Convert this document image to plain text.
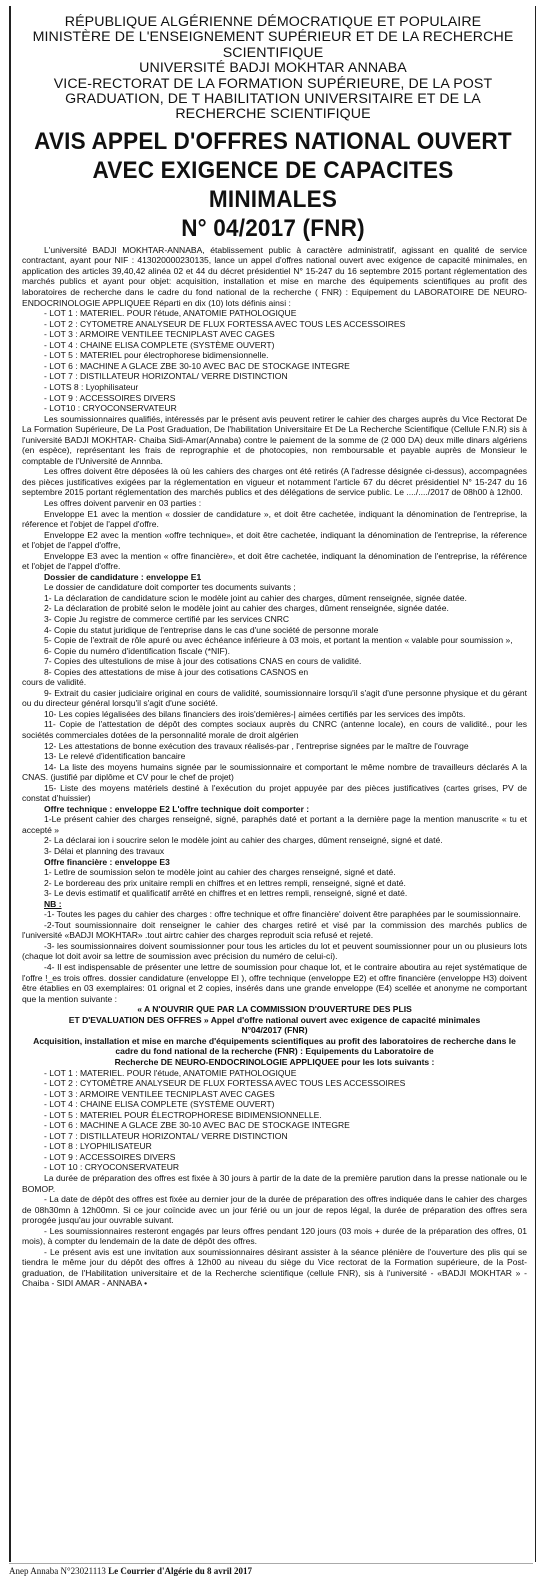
RÉPUBLIQUE ALGÉRIENNE DÉMOCRATIQUE ET POPULAIRE
MINISTÈRE DE L'ENSEIGNEMENT SUPÉRIEUR ET DE LA RECHERCHE
SCIENTIFIQUE
UNIVERSITÉ BADJI MOKHTAR ANNABA
VICE-RECTORAT DE LA FORMATION SUPÉRIEURE, DE LA POST
GRADUATION, DE T HABILITATION UNIVERSITAIRE ET DE LA
RECHERCHE SCIENTIFIQUE
AVIS APPEL D'OFFRES NATIONAL OUVERT
AVEC EXIGENCE DE CAPACITES MINIMALES
N° 04/2017 (FNR)

L'université BADJI MOKHTAR-ANNABA, établissement public à caractère administratif, agissant en qualité de service contractant, ayant pour NIF : 413020000230135, lance un appel d'offres national ouvert avec exigence de capacité minimales, en application des articles 39,40,42 alinéa 02 et 44 du décret présidentiel N° 15-247 du 16 septembre 2015 portant réglementation des marchés publics et ayant pour objet: acquisition, installation et mise en marche des équipements scientifiques au profit des laboratoires de recherche dans le cadre du fond national de la recherche ( FNR) : Equipement du LABORATOIRE DE NEURO-ENDOCRINOLOGIE APPLIQUEE Réparti en dix (10) lots définis ainsi :

- LOT 1 : MATERIEL. POUR l'étude, ANATOMIE PATHOLOGIQUE

- LOT 2 : CYTOMETRE ANALYSEUR DE FLUX FORTESSA AVEC TOUS LES ACCESSOIRES

- LOT 3 : ARMOIRE VENTILEE TECNIPLAST AVEC CAGES

- LOT 4 : CHAINE ELISA COMPLETE (SYSTÈME OUVERT)

- LOT 5 : MATERIEL pour électrophorese bidimensionnelle.

- LOT 6 : MACHINE A GLACE ZBE 30-10 AVEC BAC DE STOCKAGE INTEGRE

- LOT 7 : DISTILLATEUR HORIZONTAL/ VERRE DISTINCTION

- LOTS 8 : Lyophilisateur

- LOT 9 : ACCESSOIRES DIVERS

- LOT10 : CRYOCONSERVATEUR

Les soumissionnaires qualifiés, intéressés par le présent avis peuvent retirer le cahier des charges auprès du Vice Rectorat De La Formation Supérieure, De La Post Graduation, De l'habilitation Universitaire Et De La Recherche Scientifique (Cellule F.N.R) sis à l'université BADJI MOKHTAR- Chaiba Sidi-Amar(Annaba) contre le paiement de la somme de (2 000 DA) deux mille dinars algériens (en espèce), représentant les frais de reprographie et de photocopies, non remboursable et payable auprès de Monsieur le comptable de l'Université de Annnba.

Les offres doivent être déposées là où les cahiers des charges ont été retirés (A l'adresse désignée ci-dessus), accompagnées des pièces justificatives exigées par la réglementation en vigueur et notamment l'article 67 du décret présidentiel N° 15-247 du 16 septembre 2015 portant réglementation des marchés publics et des délégations de service public. Le ..../..../2017 de 08h00 à 12h00.

Les offres doivent parvenir en 03 parties :

Enveloppe E1 avec la mention « dossier de candidature », et doit être cachetée, indiquant la dénomination de l'entreprise, la réference et l'objet de l'appel d'offre.

Enveloppe E2 avec la mention «offre technique», et doit être cachetée, indiquant la dénomination de l'entreprise, la réference et l'objet de l'appel d'offre,

Enveloppe E3 avec la mention « offre financière», et doit être cachetée, indiquant la dénomination de l'entreprise, la référence et l'objet de l'appel d'offre.

Dossier de candidature : enveloppe E1

Le dossier de candidature doit comporter tes documents suivants ;

1- La déclaration de candidature scion le modèle joint au cahier des charges, dûment renseignée, signée datée.

2- La déclaration de probité selon le modèle joint au cahier des charges, dûment renseignée, signée datée.

3- Copie Ju registre de commerce certifié par les services CNRC

4- Copie du statut juridique de l'entreprise dans le cas d'une société de personne morale

5- Copie de l'extrait de rôle apuré ou avec échéance inférieure à 03 mois, et portant la mention « valable pour soumission »,

6- Copie du numéro d'identification fiscale (*NIF).

7- Copies des ultestulions de mise à jour des cotisations CNAS en cours de validité.

8- Copies des attestations de mise à jour des cotisations CASNOS en

cours de validité.

9- Extrait du casier judiciaire original en cours de validité, soumissionnaire lorsqu'il s'agit d'une personne physique et du gérant ou du directeur général lorsqu'il s'agit d'une société.

10- Les copies légalisées des bilans financiers des irois'demières-| aimées certifiés par les services des impôts.

11- Copie de l'attestation de dépôt des comptes sociaux auprès du CNRC (antenne locale), en cours de validité., pour les sociétés commerciales dotées de la personnalité morale de droit algérien

12- Les attestations de bonne exécution des travaux réalisés-par , l'entreprise signées par le maître de l'ouvrage

13- Le relevé d'identification bancaire

14- La liste des moyens humains signée par le soumissionnaire et comportant le même nombre de travailleurs déclarés A la CNAS. (justifié par diplôme et CV pour le chef de projet)

15- Liste des moyens matériels destiné à l'exécution du projet appuyée par des pièces justificatives (cartes grises, PV de constat d'huissier)

Offre technique : enveloppe E2 L'offre technique doit comporter :

1-Le présent cahier des charges renseigné, signé, paraphés daté et portant a la dernière page la mention manuscrite « tu et accepté »

2- La déclarai ion i soucrire selon le modèle joint au cahier des charges, dûment renseigné, signé et daté.

3- Délai et planning des travaux

Offre financière : enveloppe E3

1- Letlre de soumission selon te modèle joint au cahier des charges renseigné, signé et daté.

2- Le bordereau des prix unitaire rempli en chiffres et en lettres rempli, renseigné, signé et daté.

3- Le devis estimatif et qualificatif arrêté en chiffres et en lettres rempli, renseigné, signé et daté.

NB :

-1- Toutes les pages du cahier des charges : offre technique et offre financière' doivent être paraphées par le soumissionnaire.

-2-Tout soumissionnaire doit renseigner le cahier des charges retiré et visé par la commission des marchés publics de l'université «BADJI MOKHTAR» .tout airtrc cahier des charges reproduit scia refusé et rejeté.

-3- les soumissionnaires doivent soumissionner pour tous les articles du lot et peuvent soumissionner pour un ou plusieurs lots (chaque lot doit avoir sa lettre de soumission avec précision du numéro de celui-ci).

-4- Il est indispensable de présenter une lettre de soumission pour chaque lot, et le contraire aboutira au rejet systématique de l'offre !_es trois offres. dossier candidature (enveloppe El ), offre technique (enveloppe E2) et offre financière (enveloppe H3) doivent être établies en 03 exemplaires: 01 orignal et 2 copies, insérés dans une grande enveloppe (E4) scellée et anonyme ne comportant que la mention suivante :

« A N'OUVRIR QUE PAR LA COMMISSION D'OUVERTURE DES PLIS

ET D'EVALUATION DES OFFRES » Appel d'offre national ouvert avec exigence de capacité minimales

N°04/2017 (FNR)

Acquisition, installation et mise en marche d'équipements scientifiques au profit des laboratoires de recherche dans le cadre du fond national de la recherche (FNR) : Equipements du Laboratoire de

Recherche DE NEURO-ENDOCRINOLOGIE APPLIQUEE pour les lots suivants :

- LOT 1 : MATERIEL. POUR l'étude, ANATOMIE PATHOLOGIQUE

- LOT 2 : CYTOMÈTRE ANALYSEUR DE FLUX FORTESSA AVEC TOUS LES ACCESSOIRES

- LOT 3 : ARMOIRE VENTILEE TECNIPLAST AVEC CAGES

- LOT 4 : CHAINE ELISA COMPLETE (SYSTÈME OUVERT)

- LOT 5 : MATERIEL POUR ÉLECTROPHORESE BIDIMENSIONNELLE.

- LOT 6 : MACHINE A GLACE ZBE 30-10 AVEC BAC DE STOCKAGE INTEGRE

- LOT 7 : DISTILLATEUR HORIZONTAL/ VERRE DISTINCTION

- LOT 8 : LYOPHILISATEUR

- LOT 9 : ACCESSOIRES DIVERS

- LOT 10 : CRYOCONSERVATEUR

La durée de préparation des offres est fixée à 30 jours à partir de la date de la première parution dans la presse nationale ou le BOMOP.

- La date de dépôt des offres est fixée au dernier jour de la durée de préparation des offres indiquée dans le cahier des charges de 08h30mn à 12h00mn. Si ce jour coïncide avec un jour férié ou un jour de repos légal, la durée de préparation des offres sera prorogée jusqu'au jour ouvrable suivant.

- Les soumissionnaires resteront engagés par leurs offres pendant 120 jours (03 mois + durée de la préparation des offres, 01 mois), à compter du lendemain de la date de dépôt des offres.

- Le présent avis est une invitation aux soumissionnaires désirant assister à la séance plénière de l'ouverture des plis qui se tiendra le même jour du dépôt des offres à 12h00 au niveau du siège du Vice rectorat de la Formation supérieure, de la Post- graduation, de l'Habilitation universitaire et de la Recherche scientifique (cellule FNR), sis à l'université - «BADJI MOKHTAR » - Chaiba - SIDI AMAR - ANNABA •

Anep Annaba N°23021113 Le Courrier d'Algérie du 8 avril 2017
